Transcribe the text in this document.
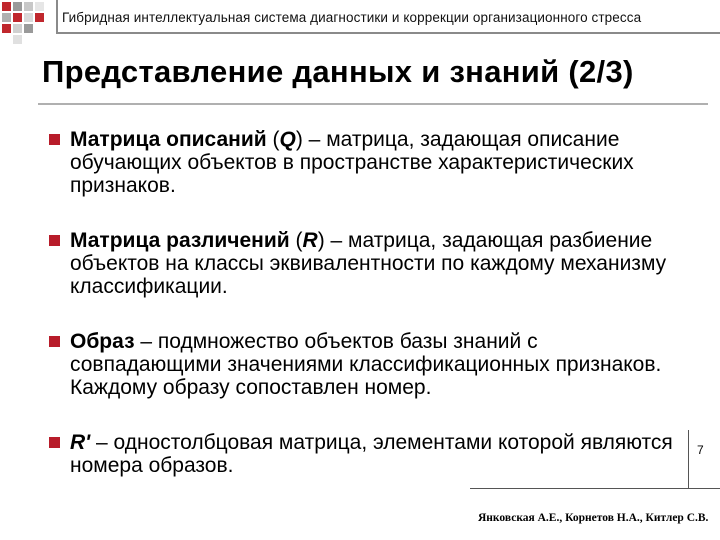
Гибридная интеллектуальная система диагностики и коррекции организационного стресса
Представление данных и знаний (2/3)
Матрица описаний (Q) – матрица, задающая описание обучающих объектов в пространстве характеристических признаков.
Матрица различений (R) – матрица, задающая разбиение объектов на классы эквивалентности по каждому механизму классификации.
Образ – подмножество объектов базы знаний с совпадающими значениями классификационных признаков. Каждому образу сопоставлен номер.
R' – одностолбцовая матрица, элементами которой являются номера образов.
7
Янковская А.Е., Корнетов Н.А., Китлер С.В.
